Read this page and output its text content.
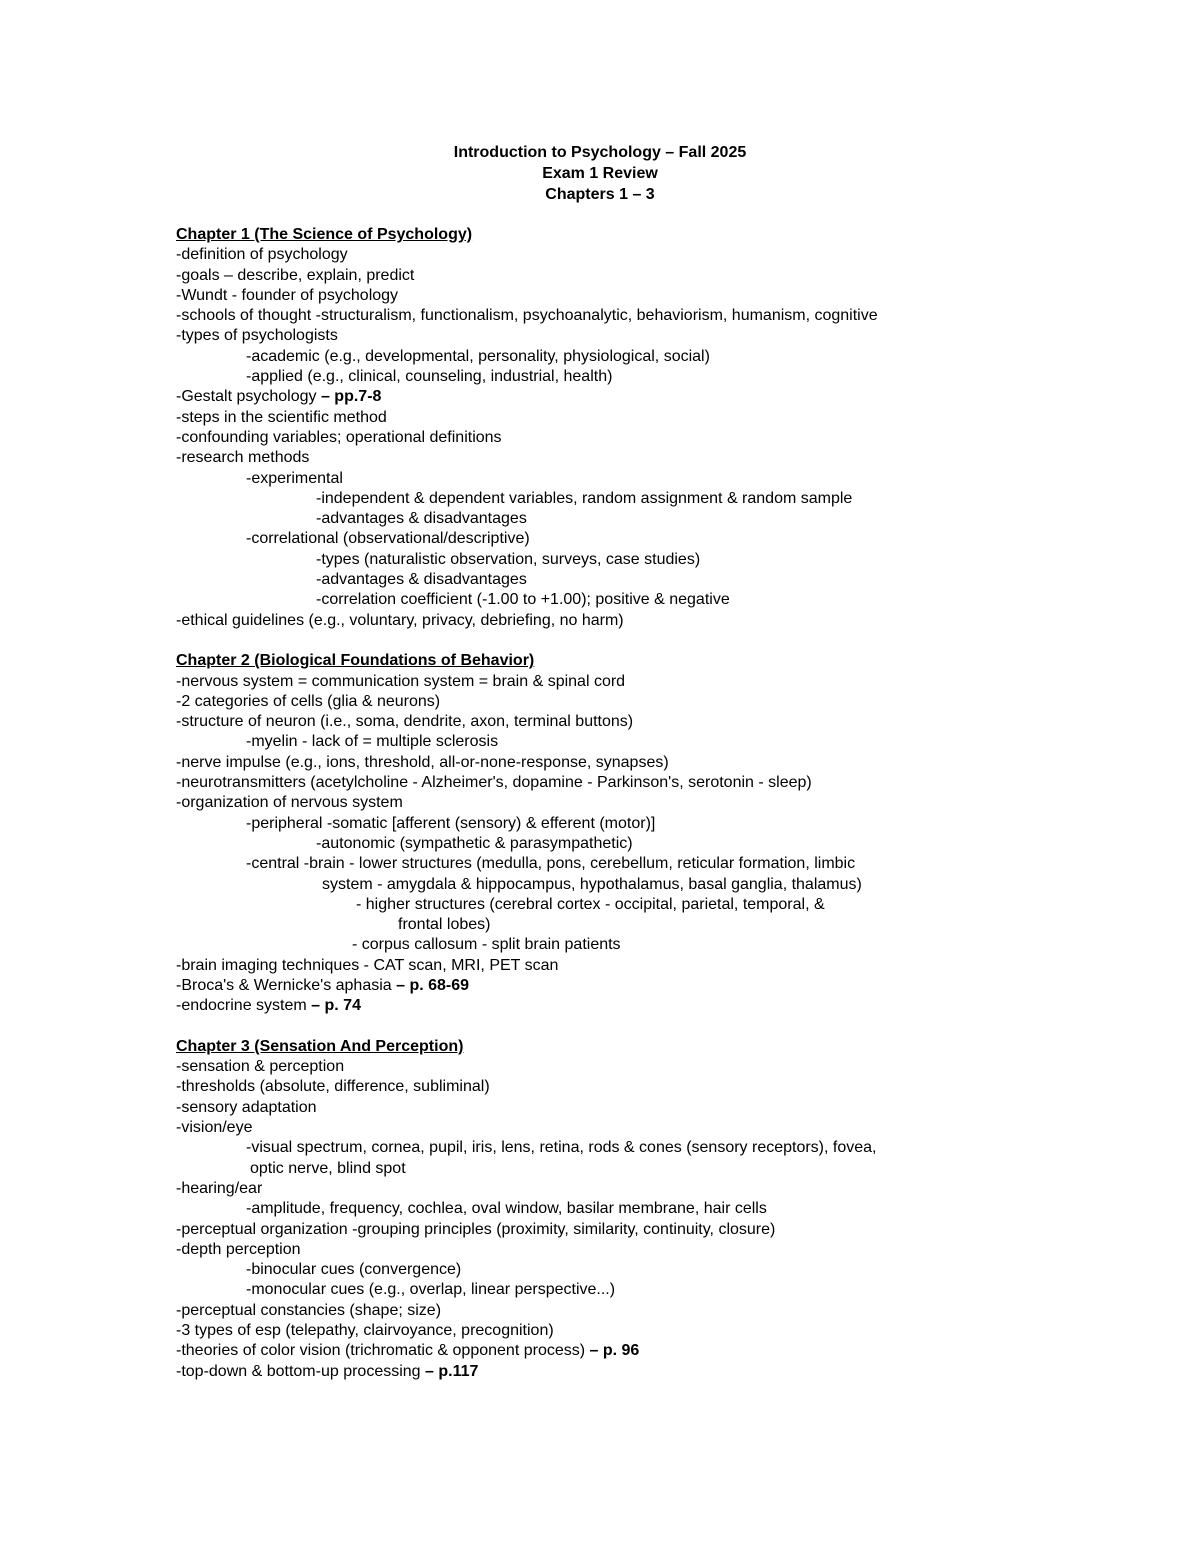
Introduction to Psychology – Fall 2025
Exam 1 Review
Chapters 1 – 3
Chapter 1 (The Science of Psychology)
-definition of psychology
-goals – describe, explain, predict
-Wundt - founder of psychology
-schools of thought -structuralism, functionalism, psychoanalytic, behaviorism, humanism, cognitive
-types of psychologists
-academic (e.g., developmental, personality, physiological, social)
-applied (e.g., clinical, counseling, industrial, health)
-Gestalt psychology – pp.7-8
-steps in the scientific method
-confounding variables; operational definitions
-research methods
-experimental
-independent & dependent variables, random assignment & random sample
-advantages & disadvantages
-correlational (observational/descriptive)
-types (naturalistic observation, surveys, case studies)
-advantages & disadvantages
-correlation coefficient (-1.00 to +1.00); positive & negative
-ethical guidelines (e.g., voluntary, privacy, debriefing, no harm)
Chapter 2 (Biological Foundations of Behavior)
-nervous system = communication system = brain & spinal cord
-2 categories of cells (glia & neurons)
-structure of neuron (i.e., soma, dendrite, axon, terminal buttons)
-myelin - lack of = multiple sclerosis
-nerve impulse (e.g., ions, threshold, all-or-none-response, synapses)
-neurotransmitters (acetylcholine - Alzheimer's, dopamine - Parkinson's, serotonin - sleep)
-organization of nervous system
-peripheral -somatic [afferent (sensory) & efferent (motor)]
-autonomic (sympathetic & parasympathetic)
-central -brain - lower structures (medulla, pons, cerebellum, reticular formation, limbic
system - amygdala & hippocampus, hypothalamus, basal ganglia, thalamus)
- higher structures (cerebral cortex - occipital, parietal, temporal, &
frontal lobes)
- corpus callosum - split brain patients
-brain imaging techniques - CAT scan, MRI, PET scan
-Broca's & Wernicke's aphasia – p. 68-69
-endocrine system – p. 74
Chapter 3 (Sensation And Perception)
-sensation & perception
-thresholds (absolute, difference, subliminal)
-sensory adaptation
-vision/eye
-visual spectrum, cornea, pupil, iris, lens, retina, rods & cones (sensory receptors), fovea,
optic nerve, blind spot
-hearing/ear
-amplitude, frequency, cochlea, oval window, basilar membrane, hair cells
-perceptual organization -grouping principles (proximity, similarity, continuity, closure)
-depth perception
-binocular cues (convergence)
-monocular cues (e.g., overlap, linear perspective...)
-perceptual constancies (shape; size)
-3 types of esp (telepathy, clairvoyance, precognition)
-theories of color vision (trichromatic & opponent process) – p. 96
-top-down & bottom-up processing – p.117
